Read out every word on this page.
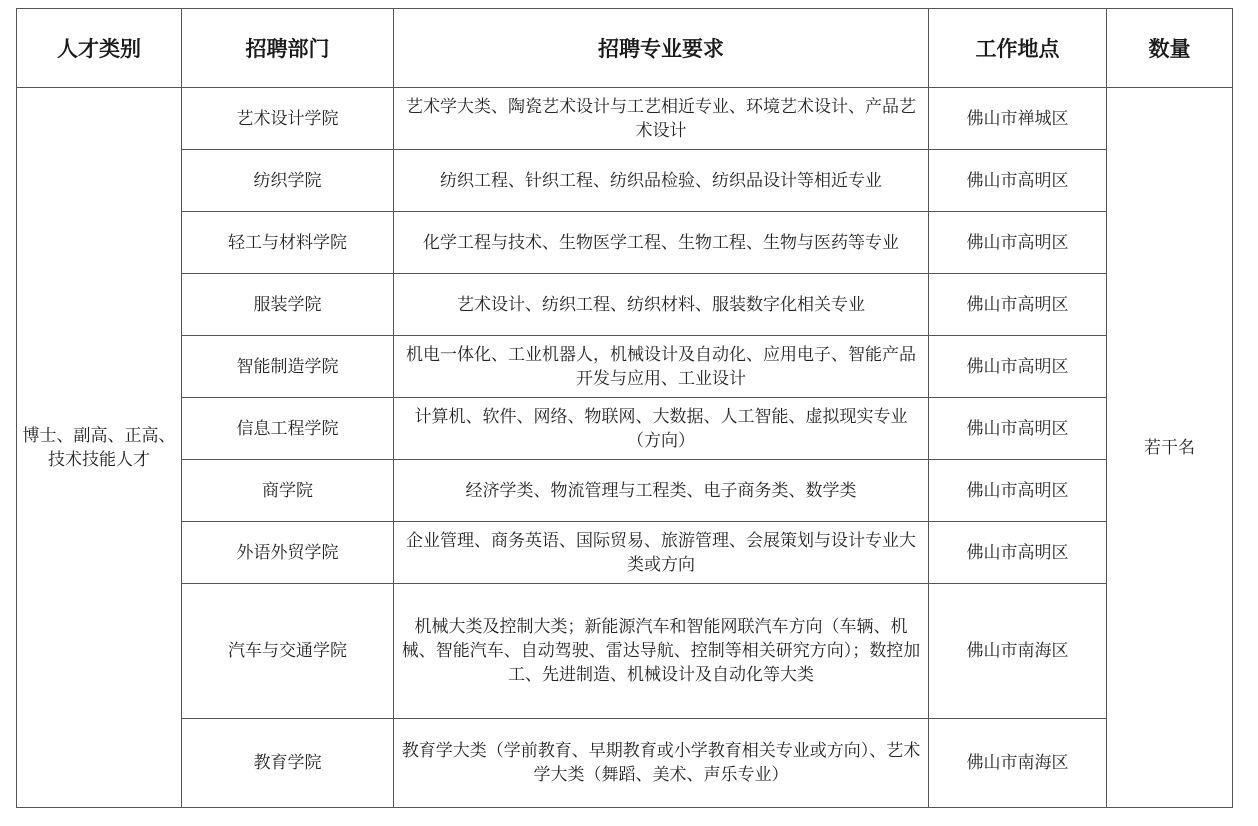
人才类别	招聘部门	招聘专业要求	工作地点	数量
博士、副高、正高、技术技能人才	艺术设计学院	艺术学大类、陶瓷艺术设计与工艺相近专业、环境艺术设计、产品艺术设计	佛山市禅城区	若干名
	纺织学院	纺织工程、针织工程、纺织品检验、纺织品设计等相近专业	佛山市高明区	
	轻工与材料学院	化学工程与技术、生物医学工程、生物工程、生物与医药等专业	佛山市高明区	
	服装学院	艺术设计、纺织工程、纺织材料、服装数字化相关专业	佛山市高明区	
	智能制造学院	机电一体化、工业机器人，机械设计及自动化、应用电子、智能产品开发与应用、工业设计	佛山市高明区	
	信息工程学院	计算机、软件、网络、物联网、大数据、人工智能、虚拟现实专业（方向）	佛山市高明区	
	商学院	经济学类、物流管理与工程类、电子商务类、数学类	佛山市高明区	
	外语外贸学院	企业管理、商务英语、国际贸易、旅游管理、会展策划与设计专业大类或方向	佛山市高明区	
	汽车与交通学院	机械大类及控制大类；新能源汽车和智能网联汽车方向（车辆、机械、智能汽车、自动驾驶、雷达导航、控制等相关研究方向）；数控加工、先进制造、机械设计及自动化等大类	佛山市南海区	
	教育学院	教育学大类（学前教育、早期教育或小学教育相关专业或方向）、艺术学大类（舞蹈、美术、声乐专业）	佛山市南海区	
